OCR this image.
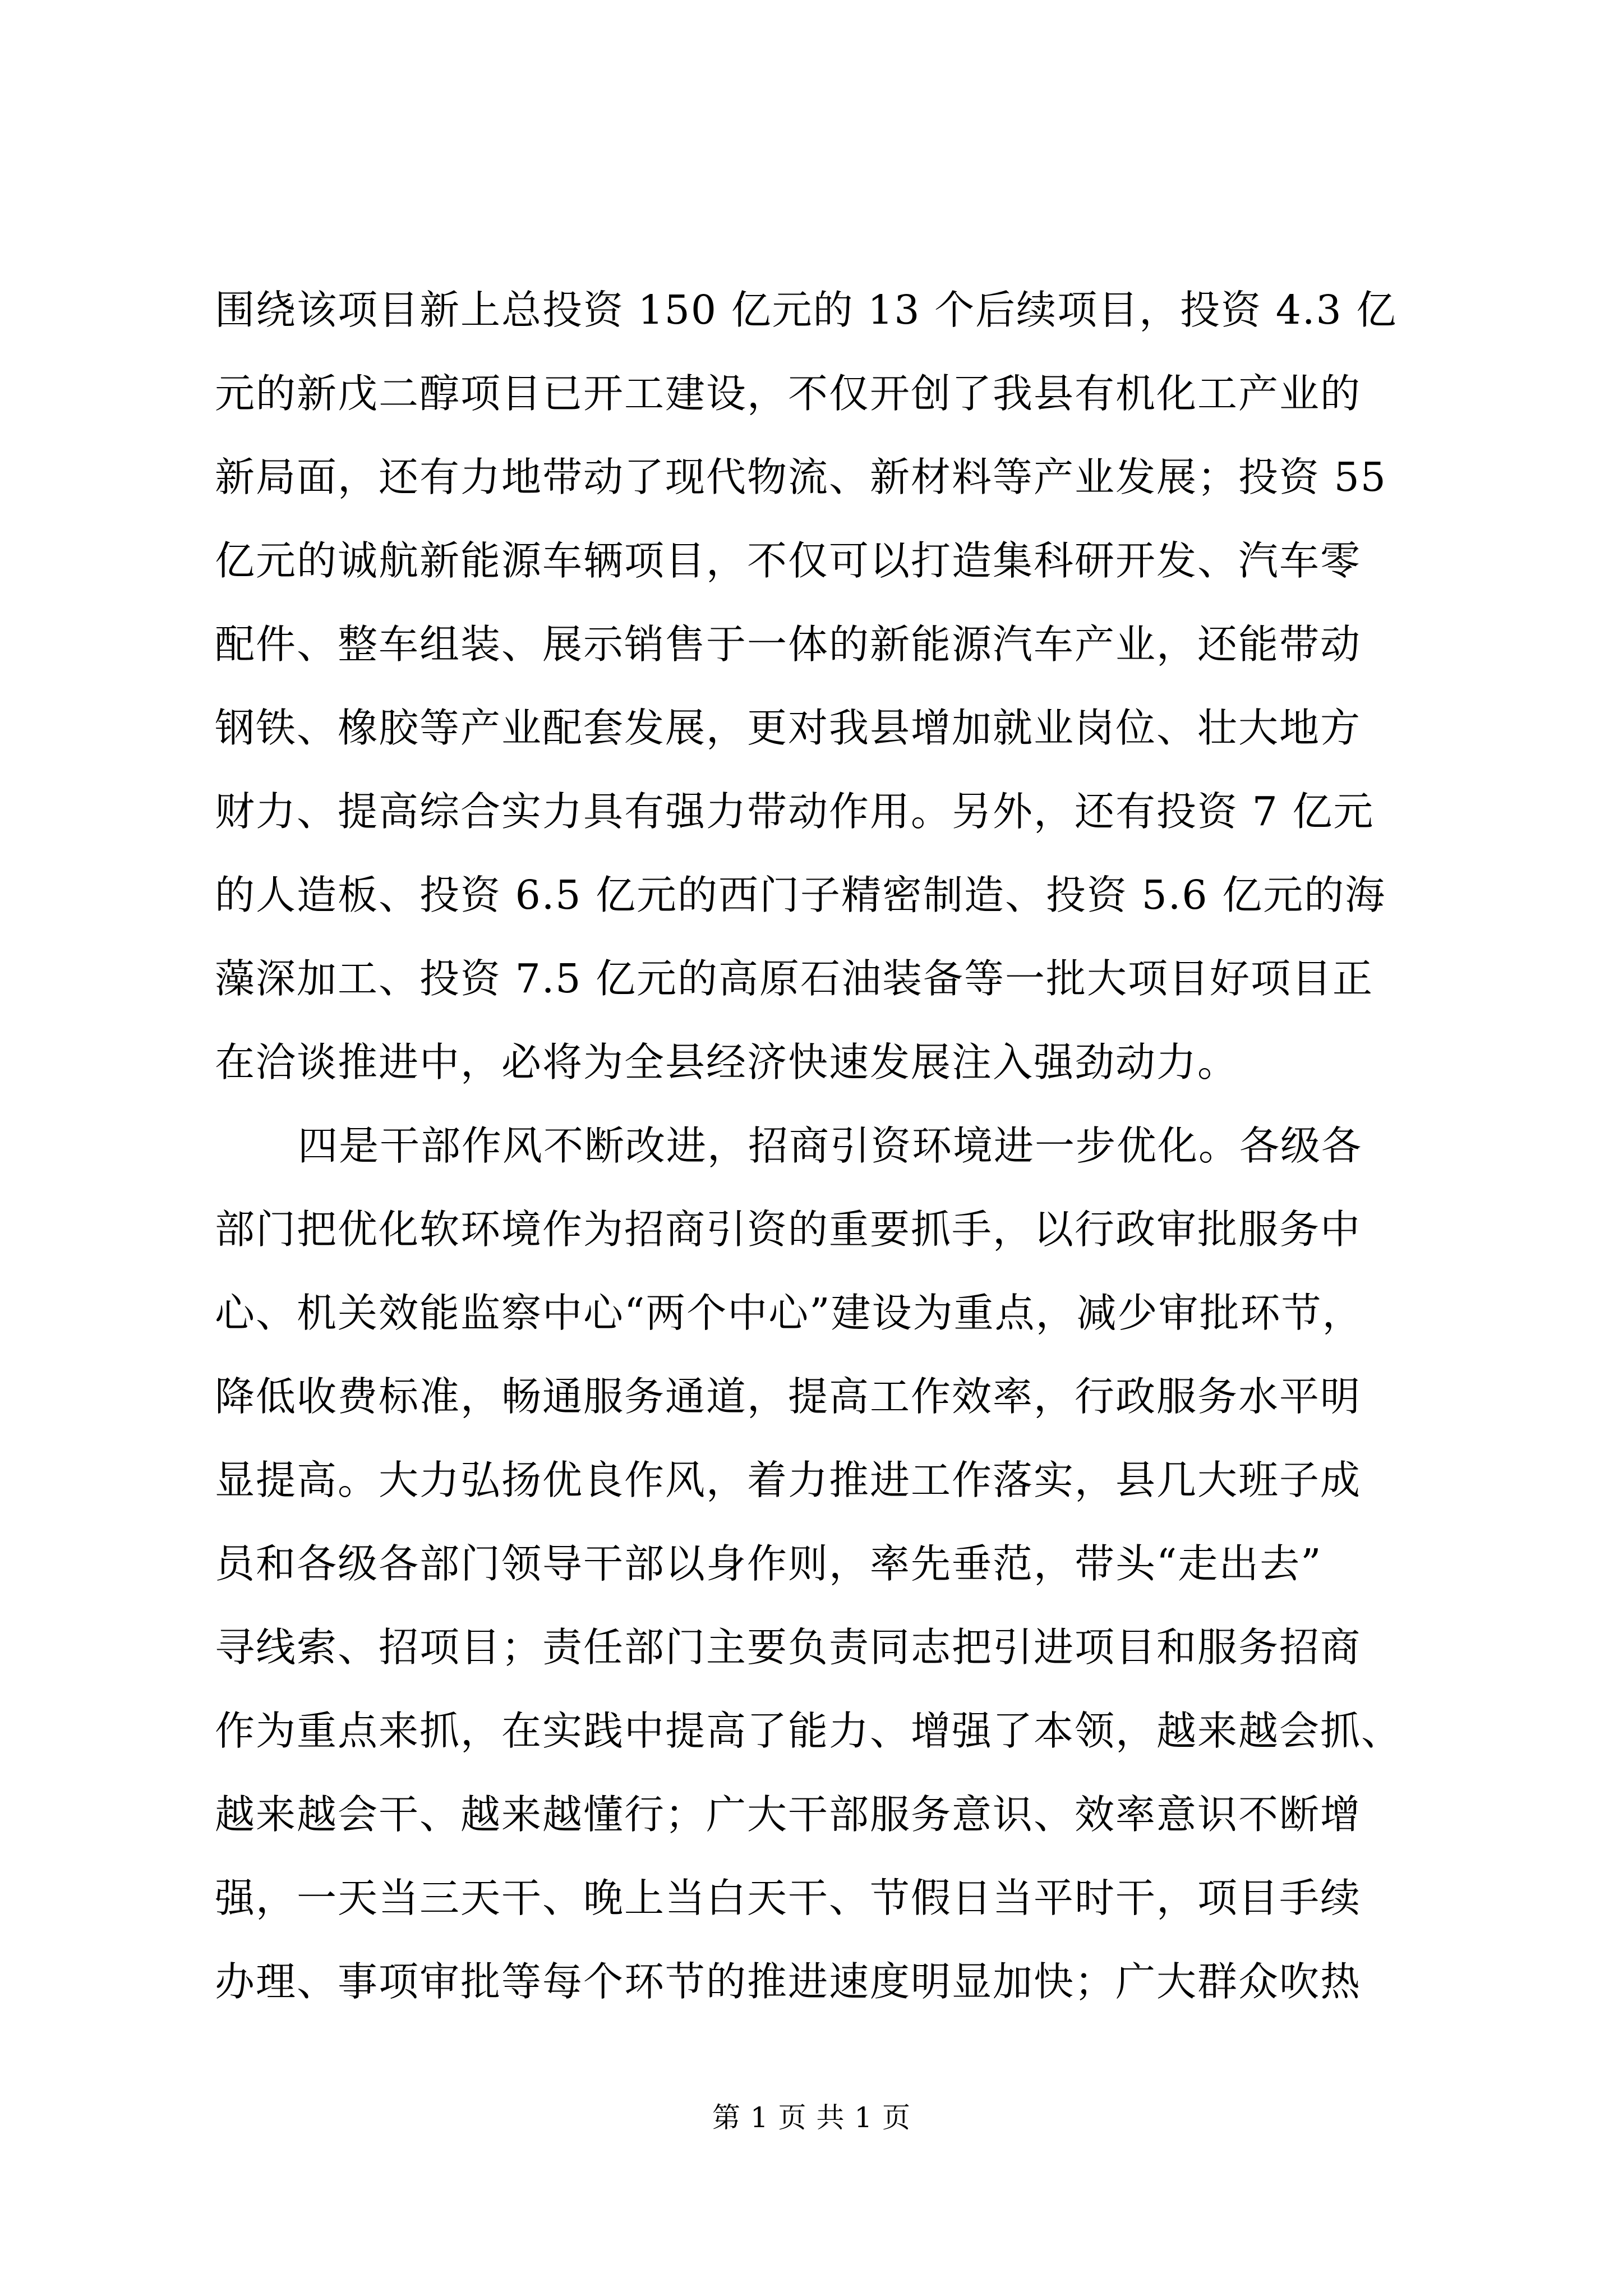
围绕该项目新上总投资 150 亿元的 13 个后续项目，投资 4.3 亿
元的新戊二醇项目已开工建设，不仅开创了我县有机化工产业的
新局面，还有力地带动了现代物流、新材料等产业发展；投资 55
亿元的诚航新能源车辆项目，不仅可以打造集科研开发、汽车零
配件、整车组装、展示销售于一体的新能源汽车产业，还能带动
钢铁、橡胶等产业配套发展，更对我县增加就业岗位、壮大地方
财力、提高综合实力具有强力带动作用。另外，还有投资 7 亿元
的人造板、投资 6.5 亿元的西门子精密制造、投资 5.6 亿元的海
藻深加工、投资 7.5 亿元的高原石油装备等一批大项目好项目正
在洽谈推进中，必将为全县经济快速发展注入强劲动力。
四是干部作风不断改进，招商引资环境进一步优化。各级各
部门把优化软环境作为招商引资的重要抓手，以行政审批服务中
心、机关效能监察中心“两个中心”建设为重点，减少审批环节，
降低收费标准，畅通服务通道，提高工作效率，行政服务水平明
显提高。大力弘扬优良作风，着力推进工作落实，县几大班子成
员和各级各部门领导干部以身作则，率先垂范，带头“走出去”
寻线索、招项目；责任部门主要负责同志把引进项目和服务招商
作为重点来抓，在实践中提高了能力、增强了本领，越来越会抓、
越来越会干、越来越懂行；广大干部服务意识、效率意识不断增
强，一天当三天干、晚上当白天干、节假日当平时干，项目手续
办理、事项审批等每个环节的推进速度明显加快；广大群众吹热
第 1 页 共 1 页
